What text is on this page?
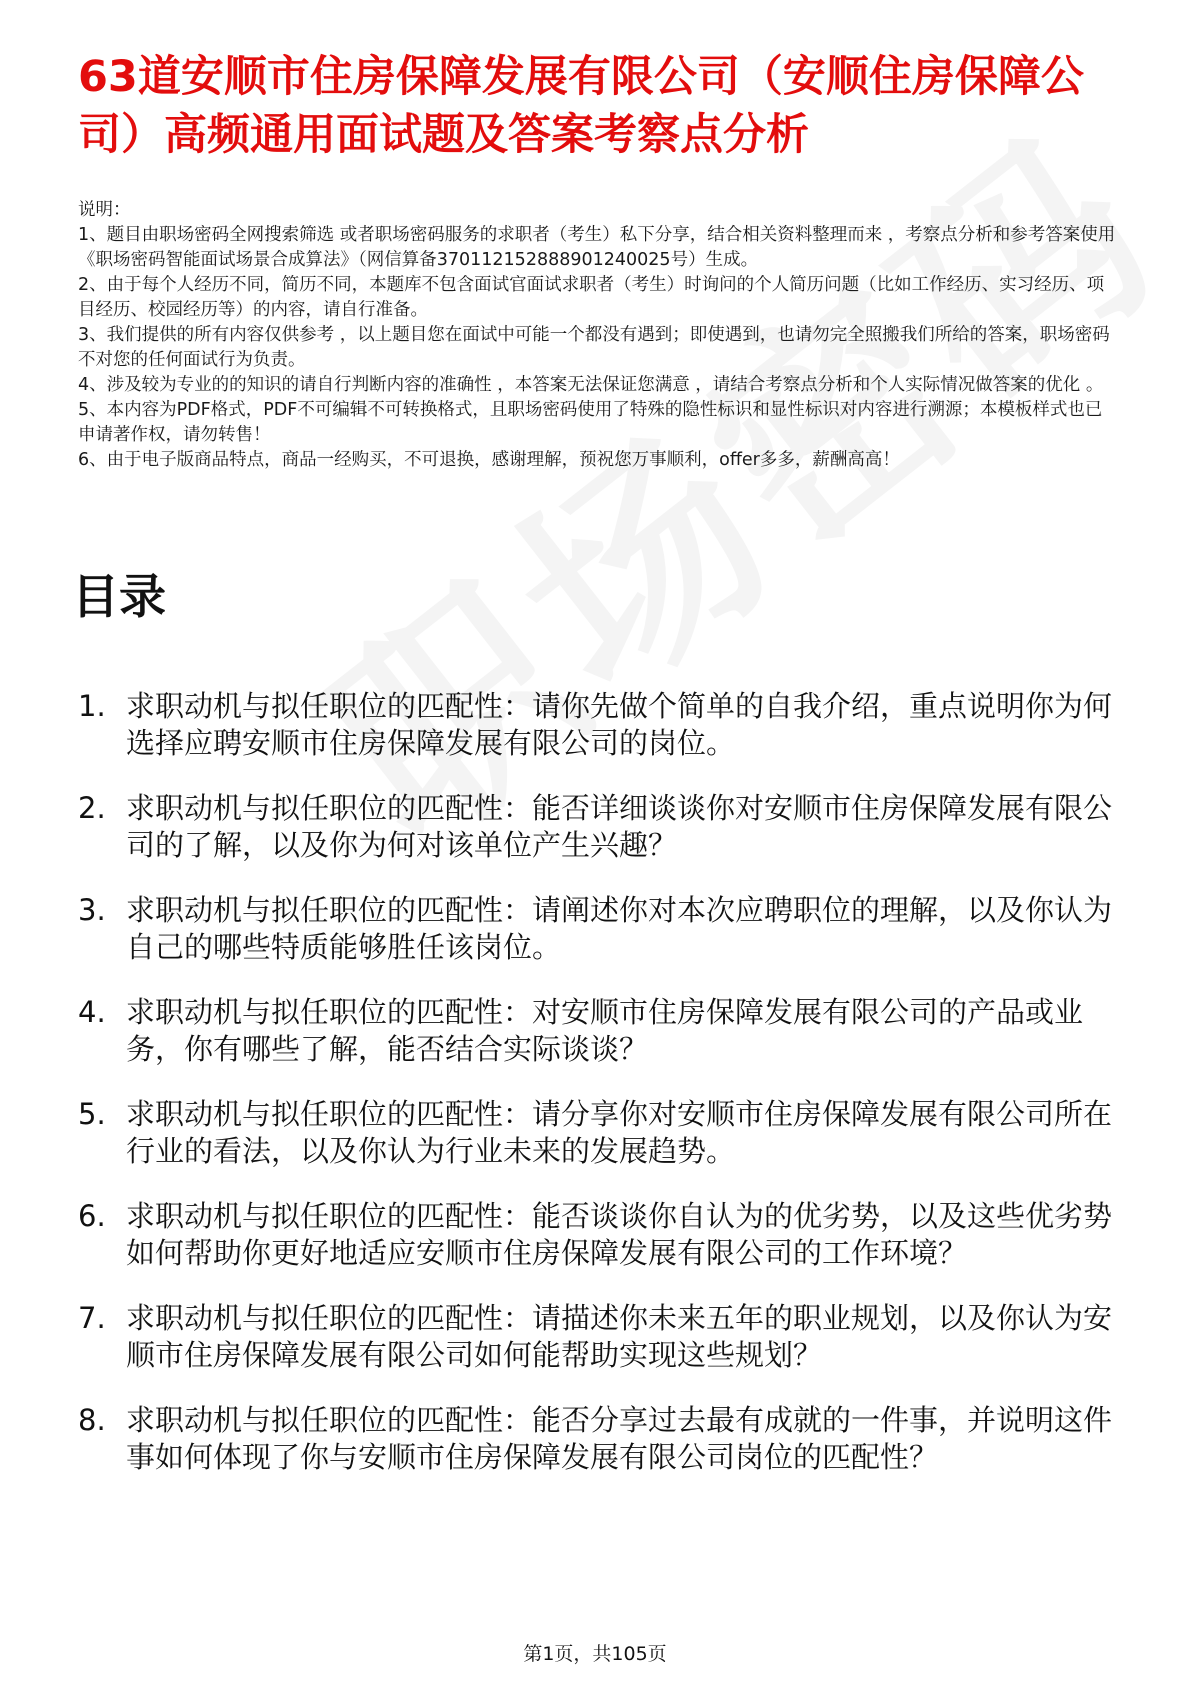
63道安顺市住房保障发展有限公司（安顺住房保障公司）高频通用面试题及答案考察点分析

说明：

1、题目由职场密码全网搜索筛选 或者职场密码服务的求职者（考生）私下分享，结合相关资料整理而来 ，考察点分析和参考答案使用《职场密码智能面试场景合成算法》（网信算备370112152888901240025号）生成。

2、由于每个人经历不同，简历不同，本题库不包含面试官面试求职者（考生）时询问的个人简历问题（比如工作经历、实习经历、项目经历、校园经历等）的内容，请自行准备。

3、我们提供的所有内容仅供参考 ，以上题目您在面试中可能一个都没有遇到；即使遇到，也请勿完全照搬我们所给的答案，职场密码不对您的任何面试行为负责。

4、涉及较为专业的的知识的请自行判断内容的准确性 ，本答案无法保证您满意 ，请结合考察点分析和个人实际情况做答案的优化 。

5、本内容为PDF格式，PDF不可编辑不可转换格式，且职场密码使用了特殊的隐性标识和显性标识对内容进行溯源；本模板样式也已申请著作权，请勿转售！

6、由于电子版商品特点，商品一经购买，不可退换，感谢理解，预祝您万事顺利，offer多多，薪酬高高！

目录
1. 求职动机与拟任职位的匹配性：请你先做个简单的自我介绍，重点说明你为何选择应聘安顺市住房保障发展有限公司的岗位。
2. 求职动机与拟任职位的匹配性：能否详细谈谈你对安顺市住房保障发展有限公司的了解，以及你为何对该单位产生兴趣？
3. 求职动机与拟任职位的匹配性：请阐述你对本次应聘职位的理解，以及你认为自己的哪些特质能够胜任该岗位。
4. 求职动机与拟任职位的匹配性：对安顺市住房保障发展有限公司的产品或业务，你有哪些了解，能否结合实际谈谈？
5. 求职动机与拟任职位的匹配性：请分享你对安顺市住房保障发展有限公司所在行业的看法，以及你认为行业未来的发展趋势。
6. 求职动机与拟任职位的匹配性：能否谈谈你自认为的优劣势，以及这些优劣势如何帮助你更好地适应安顺市住房保障发展有限公司的工作环境？
7. 求职动机与拟任职位的匹配性：请描述你未来五年的职业规划，以及你认为安顺市住房保障发展有限公司如何能帮助实现这些规划？
8. 求职动机与拟任职位的匹配性：能否分享过去最有成就的一件事，并说明这件事如何体现了你与安顺市住房保障发展有限公司岗位的匹配性？
第1页，共105页
